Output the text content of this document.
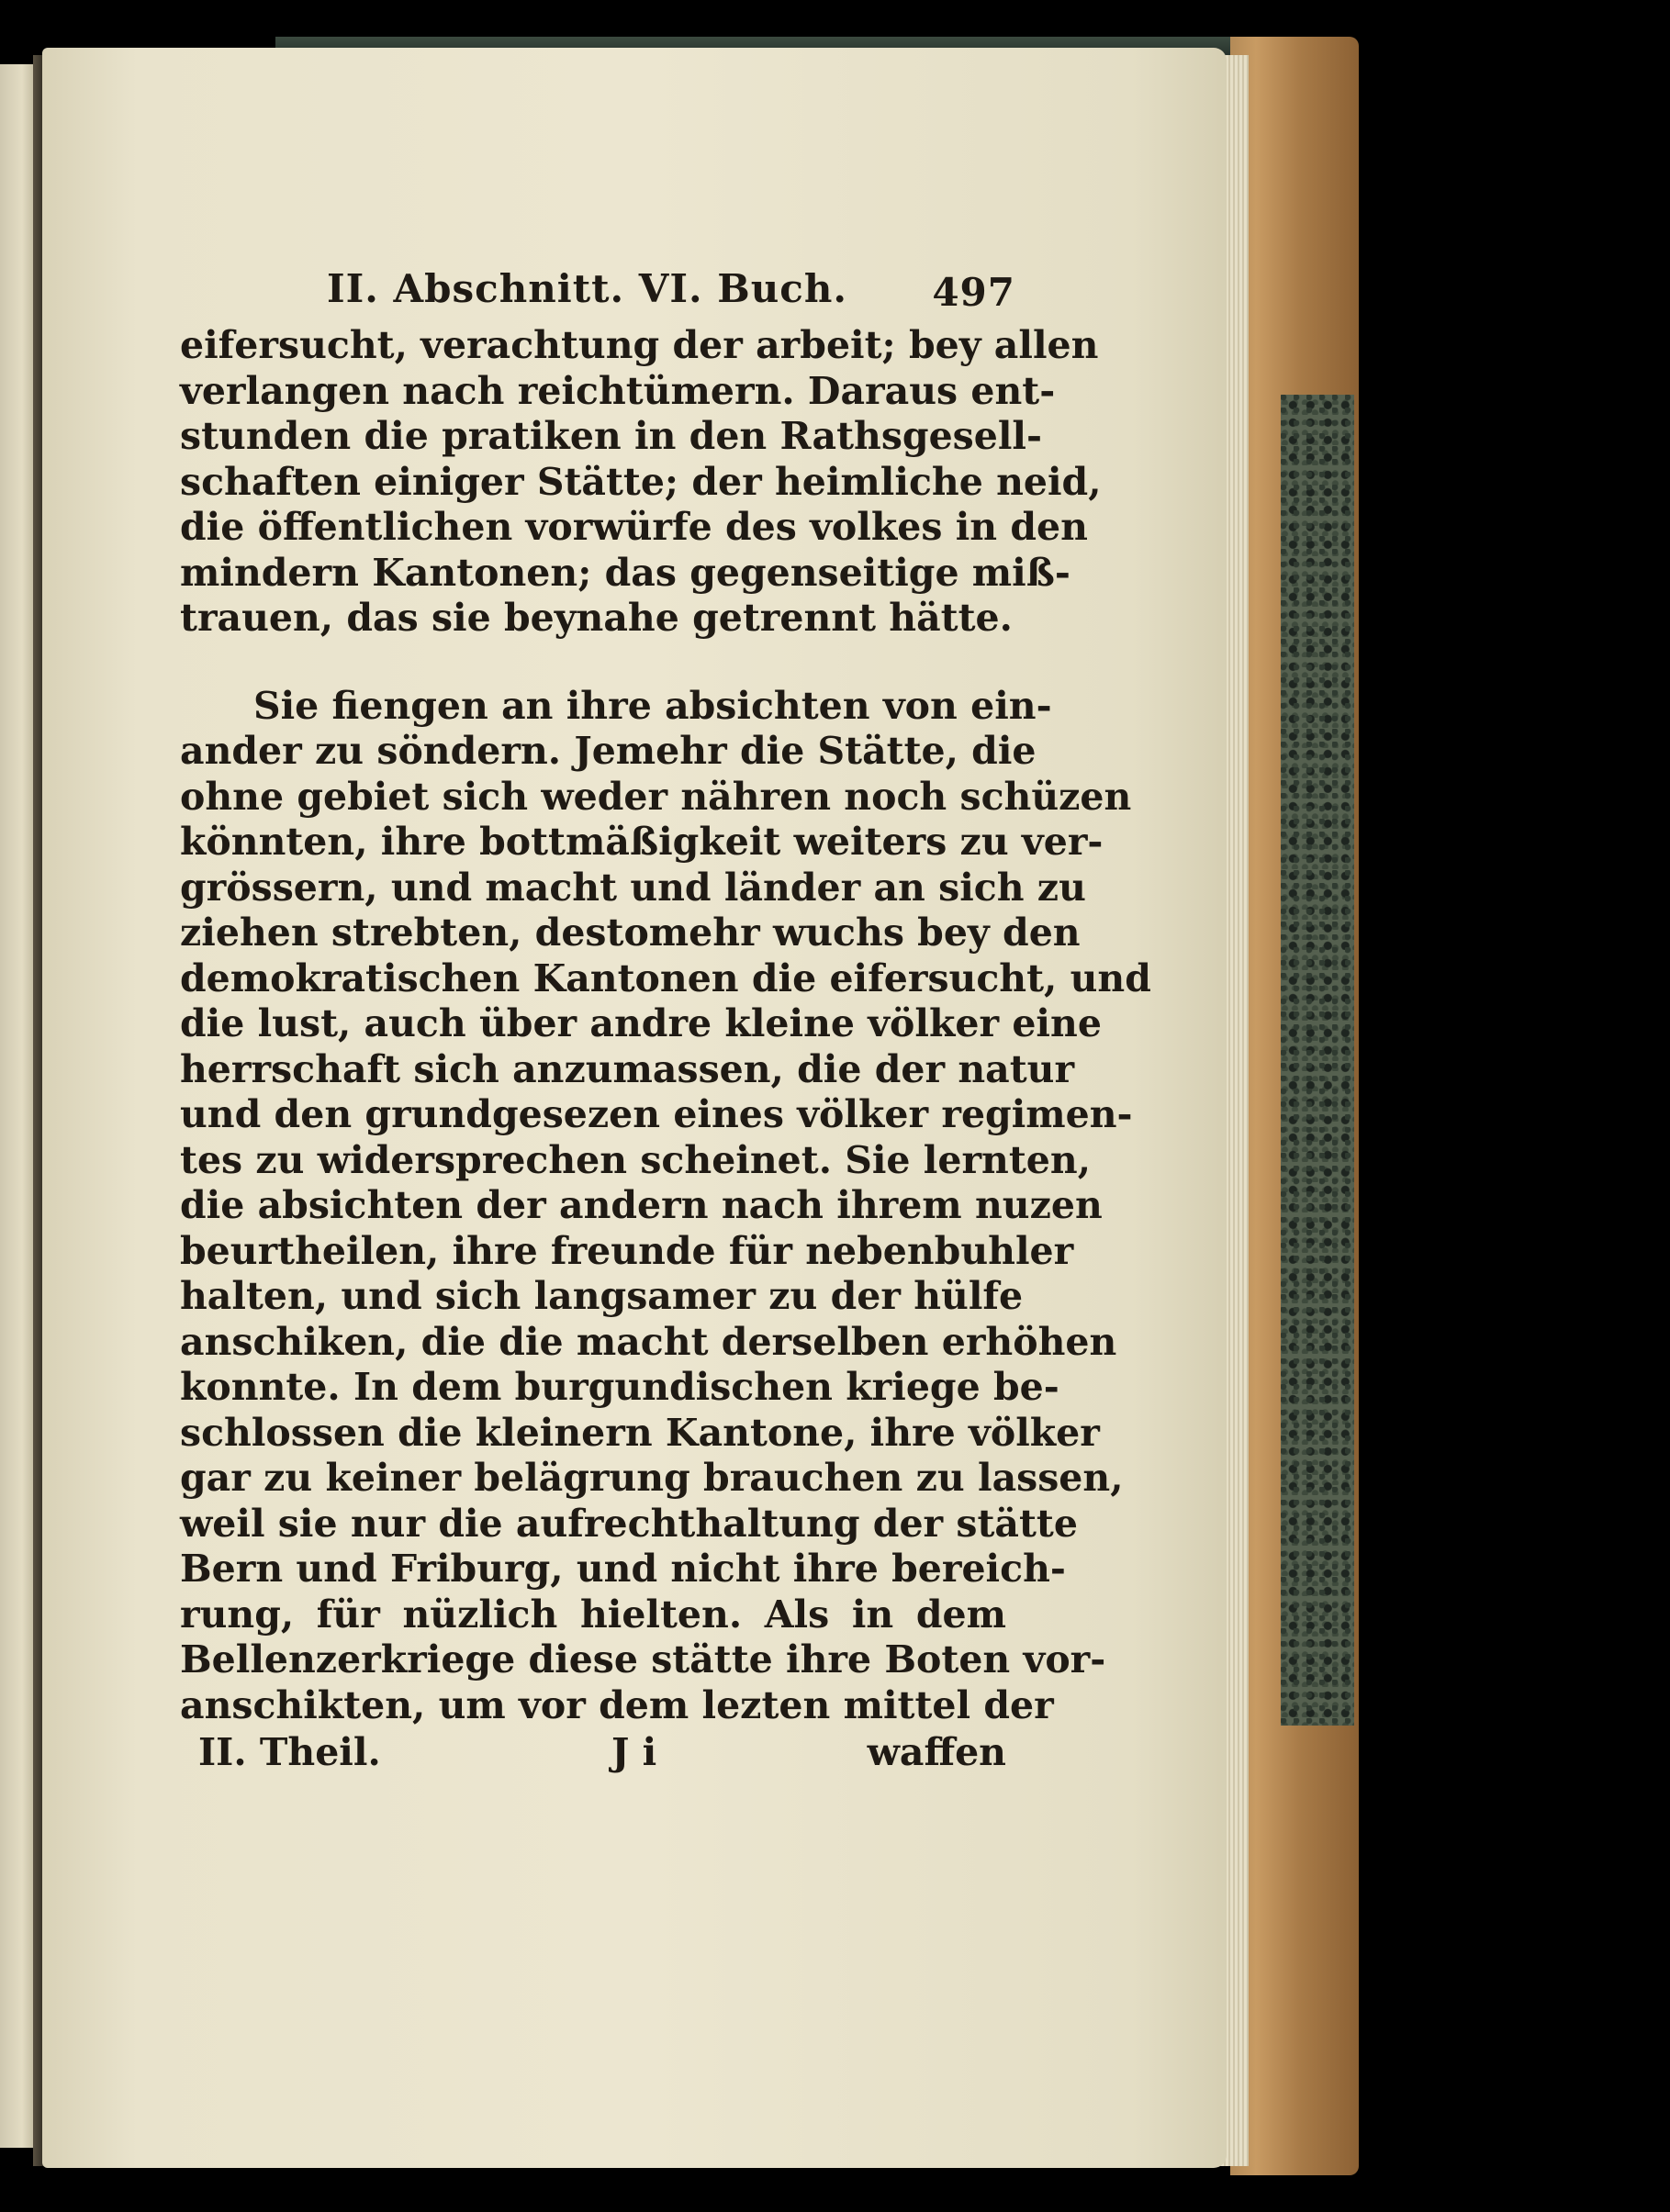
II. Abschnitt. VI. Buch. 497
eifersucht, verachtung der arbeit; bey allen
verlangen nach reichtümern. Daraus ent-
stunden die pratiken in den Rathsgesell-
schaften einiger Stätte; der heimliche neid,
die öffentlichen vorwürfe des volkes in den
mindern Kantonen; das gegenseitige miß-
trauen, das sie beynahe getrennt hätte.
Sie fiengen an ihre absichten von ein-
ander zu söndern. Jemehr die Stätte, die
ohne gebiet sich weder nähren noch schüzen
könnten, ihre bottmäßigkeit weiters zu ver-
grössern, und macht und länder an sich zu
ziehen strebten, destomehr wuchs bey den
demokratischen Kantonen die eifersucht, und
die lust, auch über andre kleine völker eine
herrschaft sich anzumassen, die der natur
und den grundgesezen eines völker regimen-
tes zu widersprechen scheinet. Sie lernten,
die absichten der andern nach ihrem nuzen
beurtheilen, ihre freunde für nebenbuhler
halten, und sich langsamer zu der hülfe
anschiken, die die macht derselben erhöhen
konnte. In dem burgundischen kriege be-
schlossen die kleinern Kantone, ihre völker
gar zu keiner belägrung brauchen zu lassen,
weil sie nur die aufrechthaltung der stätte
Bern und Friburg, und nicht ihre bereich-
rung, für nüzlich hielten. Als in dem
Bellenzerkriege diese stätte ihre Boten vor-
anschikten, um vor dem lezten mittel der
II. Theil.	J i	waffen
